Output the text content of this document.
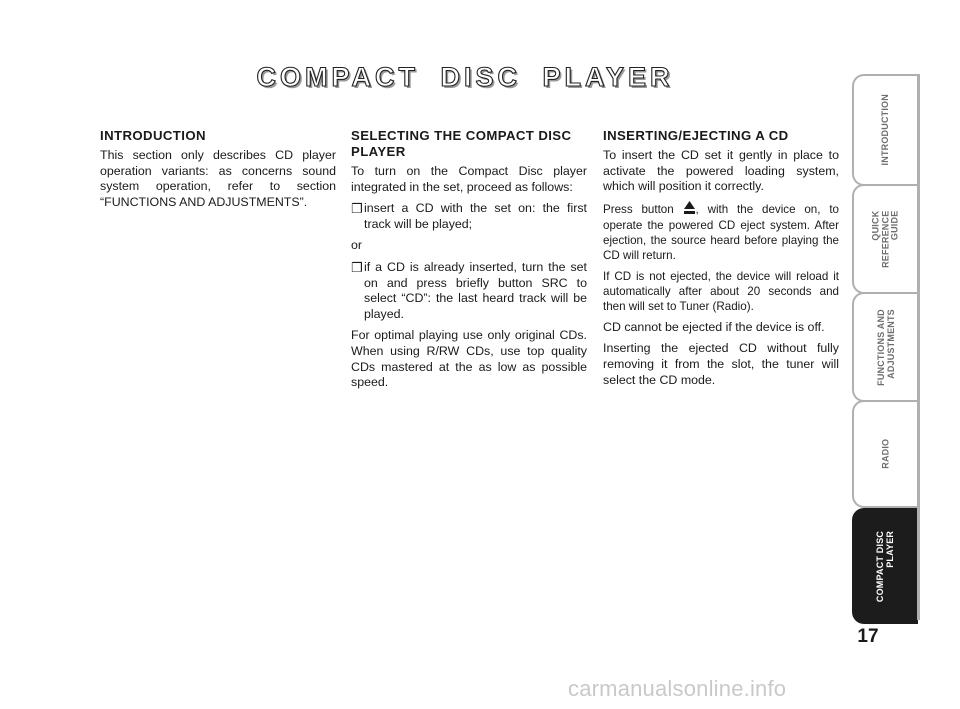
COMPACT DISC PLAYER
INTRODUCTION

This section only describes CD player operation variants: as concerns sound system operation, refer to section “FUNCTIONS AND ADJUSTMENTS”.

SELECTING THE COMPACT DISC PLAYER

To turn on the Compact Disc player integrated in the set, proceed as follows:

❒ insert a CD with the set on: the first track will be played;

or

❒ if a CD is already inserted, turn the set on and press briefly button SRC to select “CD”: the last heard track will be played.

For optimal playing use only original CDs. When using R/RW CDs, use top quality CDs mastered at the as low as possible speed.

INSERTING/EJECTING A CD

To insert the CD set it gently in place to activate the powered loading system, which will position it correctly.

Press button , with the device on, to operate the powered CD eject system. After ejection, the source heard before playing the CD will return.

If CD is not ejected, the device will reload it automatically after about 20 seconds and then will set to Tuner (Radio).

CD cannot be ejected if the device is off.

Inserting the ejected CD without fully removing it from the slot, the tuner will select the CD mode.

INTRODUCTION
QUICK
REFERENCE
GUIDE
FUNCTIONS AND
ADJUSTMENTS
RADIO
COMPACT DISC
PLAYER
17
carmanualsonline.info
